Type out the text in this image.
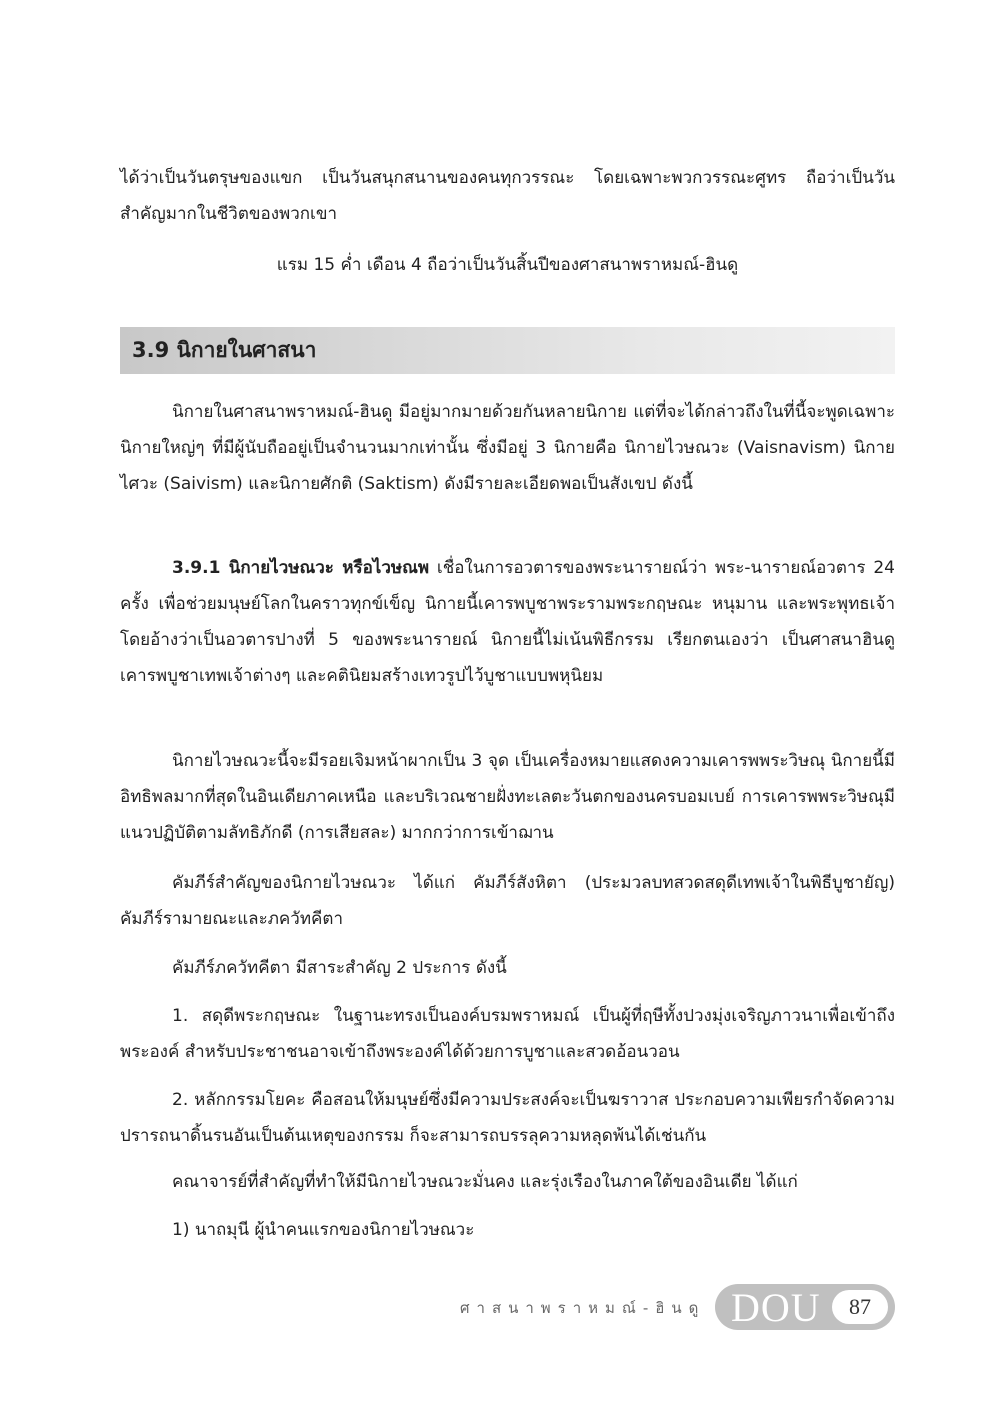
ได้ว่าเป็นวันตรุษของแขก เป็นวันสนุกสนานของคนทุกวรรณะ โดยเฉพาะพวกวรรณะศูทร ถือว่าเป็นวันสำคัญมากในชีวิตของพวกเขา

แรม 15 ค่ำ เดือน 4 ถือว่าเป็นวันสิ้นปีของศาสนาพราหมณ์-ฮินดู

3.9 นิกายในศาสนา

นิกายในศาสนาพราหมณ์-ฮินดู มีอยู่มากมายด้วยกันหลายนิกาย แต่ที่จะได้กล่าวถึงในที่นี้จะพูดเฉพาะนิกายใหญ่ๆ ที่มีผู้นับถืออยู่เป็นจำนวนมากเท่านั้น ซึ่งมีอยู่ 3 นิกายคือ นิกายไวษณวะ (Vaisnavism) นิกายไศวะ (Saivism) และนิกายศักติ (Saktism) ดังมีรายละเอียดพอเป็นสังเขป ดังนี้

3.9.1 นิกายไวษณวะ หรือไวษณพ เชื่อในการอวตารของพระนารายณ์ว่า พระ-นารายณ์อวตาร 24 ครั้ง เพื่อช่วยมนุษย์โลกในคราวทุกข์เข็ญ นิกายนี้เคารพบูชาพระรามพระกฤษณะ หนุมาน และพระพุทธเจ้า โดยอ้างว่าเป็นอวตารปางที่ 5 ของพระนารายณ์ นิกายนี้ไม่เน้นพิธีกรรม เรียกตนเองว่า เป็นศาสนาฮินดู เคารพบูชาเทพเจ้าต่างๆ และคตินิยมสร้างเทวรูปไว้บูชาแบบพหุนิยม

นิกายไวษณวะนี้จะมีรอยเจิมหน้าผากเป็น 3 จุด เป็นเครื่องหมายแสดงความเคารพพระวิษณุ นิกายนี้มีอิทธิพลมากที่สุดในอินเดียภาคเหนือ และบริเวณชายฝั่งทะเลตะวันตกของนครบอมเบย์ การเคารพพระวิษณุมีแนวปฏิบัติตามลัทธิภักดี (การเสียสละ) มากกว่าการเข้าฌาน

คัมภีร์สำคัญของนิกายไวษณวะ ได้แก่ คัมภีร์สังหิตา (ประมวลบทสวดสดุดีเทพเจ้าในพิธีบูชายัญ) คัมภีร์รามายณะและภควัทคีตา

คัมภีร์ภควัทคีตา มีสาระสำคัญ 2 ประการ ดังนี้

1. สดุดีพระกฤษณะ ในฐานะทรงเป็นองค์บรมพราหมณ์ เป็นผู้ที่ฤษีทั้งปวงมุ่งเจริญภาวนาเพื่อเข้าถึงพระองค์ สำหรับประชาชนอาจเข้าถึงพระองค์ได้ด้วยการบูชาและสวดอ้อนวอน

2. หลักกรรมโยคะ คือสอนให้มนุษย์ซึ่งมีความประสงค์จะเป็นฆราวาส ประกอบความเพียรกำจัดความปรารถนาดิ้นรนอันเป็นต้นเหตุของกรรม ก็จะสามารถบรรลุความหลุดพ้นได้เช่นกัน

คณาจารย์ที่สำคัญที่ทำให้มีนิกายไวษณวะมั่นคง และรุ่งเรืองในภาคใต้ของอินเดีย ได้แก่

1) นาถมุนี ผู้นำคนแรกของนิกายไวษณวะ

ศาสนาพราหมณ์-ฮินดู DOU	87
